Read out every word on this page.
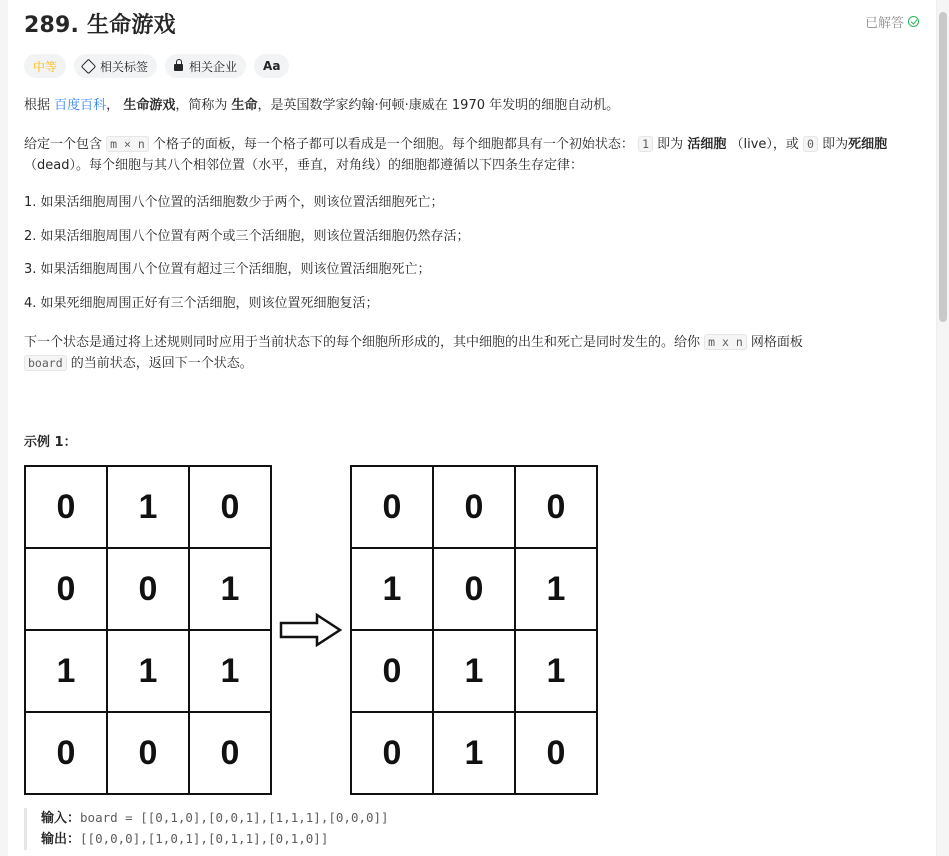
289. 生命游戏	已解答
中等	相关标签	相关企业 Aa

根据 百度百科， 生命游戏，简称为 生命，是英国数学家约翰·何顿·康威在 1970 年发明的细胞自动机。

给定一个包含 m × n 个格子的面板，每一个格子都可以看成是一个细胞。每个细胞都具有一个初始状态： 1 即为 活细胞 （live），或 0 即为死细胞 （dead）。每个细胞与其八个相邻位置（水平，垂直，对角线）的细胞都遵循以下四条生存定律：

1. 如果活细胞周围八个位置的活细胞数少于两个，则该位置活细胞死亡；

2. 如果活细胞周围八个位置有两个或三个活细胞，则该位置活细胞仍然存活；

3. 如果活细胞周围八个位置有超过三个活细胞，则该位置活细胞死亡；

4. 如果死细胞周围正好有三个活细胞，则该位置死细胞复活；

下一个状态是通过将上述规则同时应用于当前状态下的每个细胞所形成的，其中细胞的出生和死亡是同时发生的。给你 m x n 网格面板
board 的当前状态，返回下一个状态。

示例 1：

0	1	0
0	0	1
1	1	1
0	0	0
0	0	0
1	0	1
0	1	1
0	1	0
输入：board = [[0,1,0],[0,0,1],[1,1,1],[0,0,0]]
输出：[[0,0,0],[1,0,1],[0,1,1],[0,1,0]]
